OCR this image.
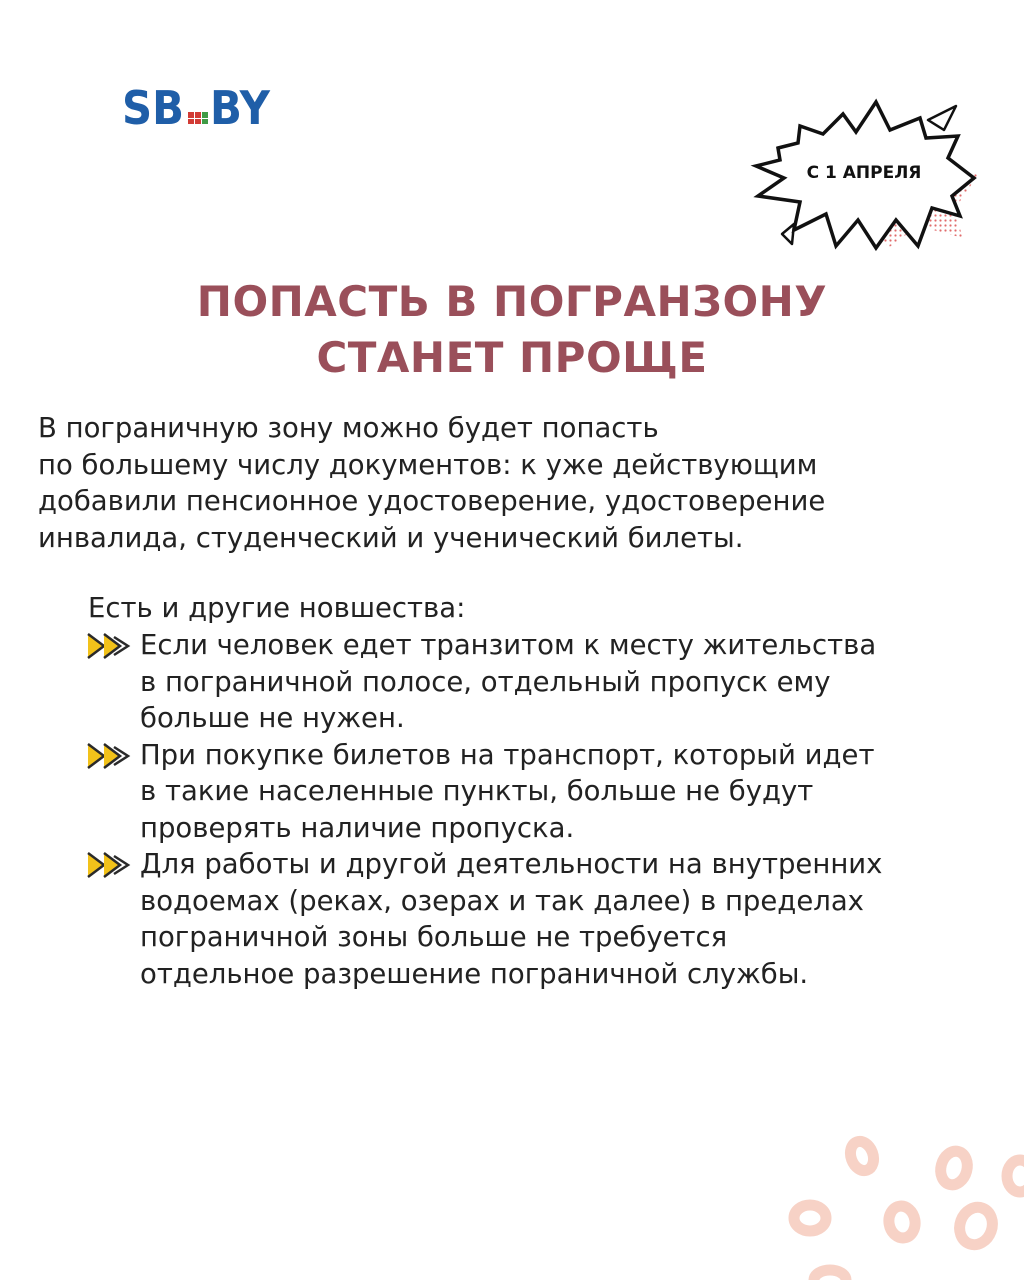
SB BY
С 1 АПРЕЛЯ
ПОПАСТЬ В ПОГРАНЗОНУ
СТАНЕТ ПРОЩЕ

В пограничную зону можно будет попасть
по большему числу документов: к уже действующим
добавили пенсионное удостоверение, удостоверение
инвалида, студенческий и ученический билеты.

Есть и другие новшества:

Если человек едет транзитом к месту жительства
в пограничной полосе, отдельный пропуск ему
больше не нужен.
При покупке билетов на транспорт, который идет
в такие населенные пункты, больше не будут
проверять наличие пропуска.
Для работы и другой деятельности на внутренних
водоемах (реках, озерах и так далее) в пределах
пограничной зоны больше не требуется
отдельное разрешение пограничной службы.
